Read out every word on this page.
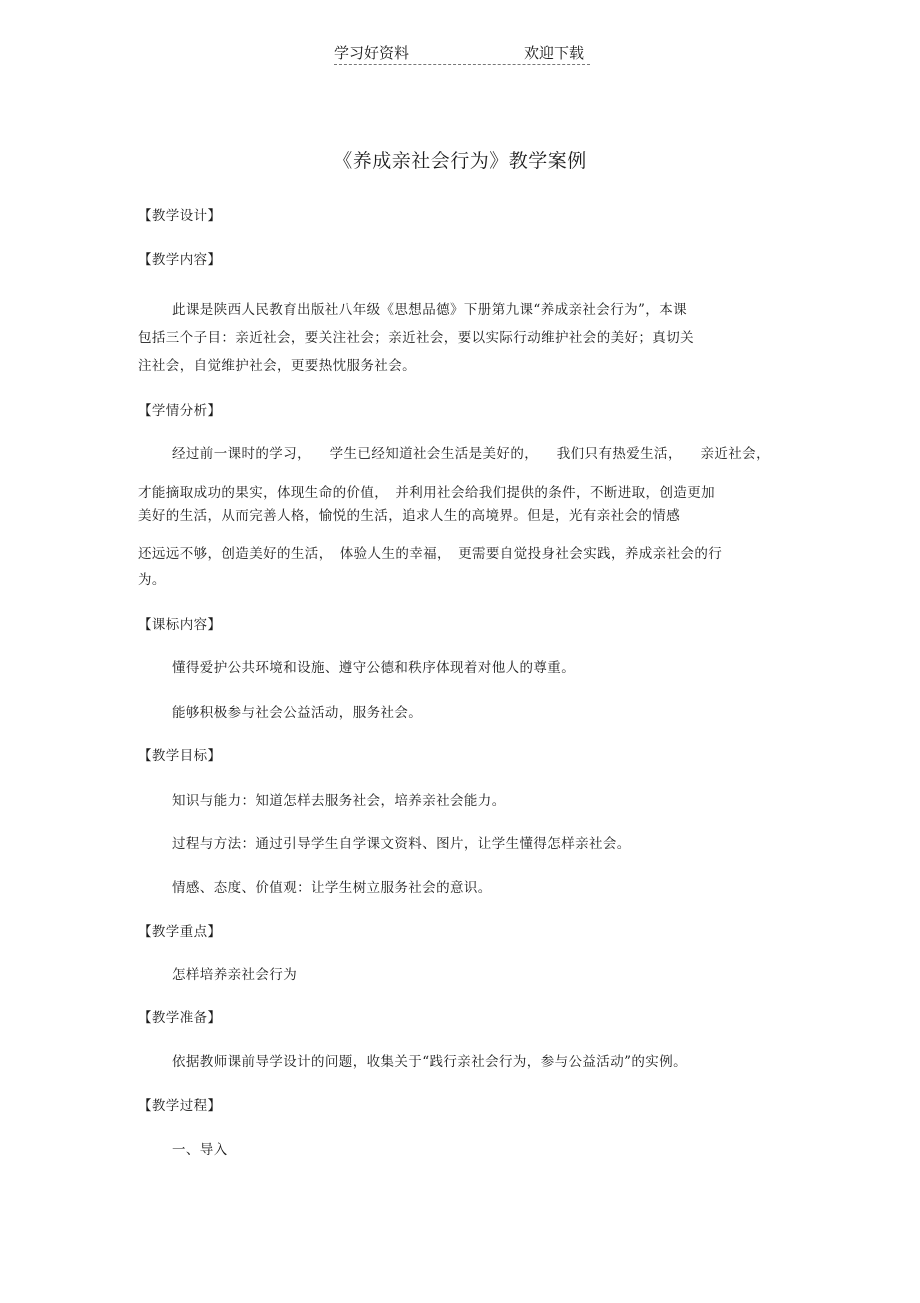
学习好资料	欢迎下载
《养成亲社会行为》教学案例
【教学设计】
【教学内容】
此课是陕西人民教育出版社八年级《思想品德》下册第九课“养成亲社会行为”，本课
包括三个子目：亲近社会，要关注社会；亲近社会，要以实际行动维护社会的美好；真切关
注社会，自觉维护社会，更要热忱服务社会。
【学情分析】
经过前一课时的学习， 学生已经知道社会生活是美好的， 我们只有热爱生活， 亲近社会，
才能摘取成功的果实，体现生命的价值，　并利用社会给我们提供的条件，不断进取，创造更加
美好的生活，从而完善人格，愉悦的生活，追求人生的高境界。但是，光有亲社会的情感
还远远不够，创造美好的生活，　体验人生的幸福，　更需要自觉投身社会实践，养成亲社会的行
为。
【课标内容】
懂得爱护公共环境和设施、遵守公德和秩序体现着对他人的尊重。
能够积极参与社会公益活动，服务社会。
【教学目标】
知识与能力：知道怎样去服务社会，培养亲社会能力。
过程与方法：通过引导学生自学课文资料、图片，让学生懂得怎样亲社会。
情感、态度、价值观：让学生树立服务社会的意识。
【教学重点】
怎样培养亲社会行为
【教学准备】
依据教师课前导学设计的问题，收集关于“践行亲社会行为，参与公益活动”的实例。
【教学过程】
一、导入
